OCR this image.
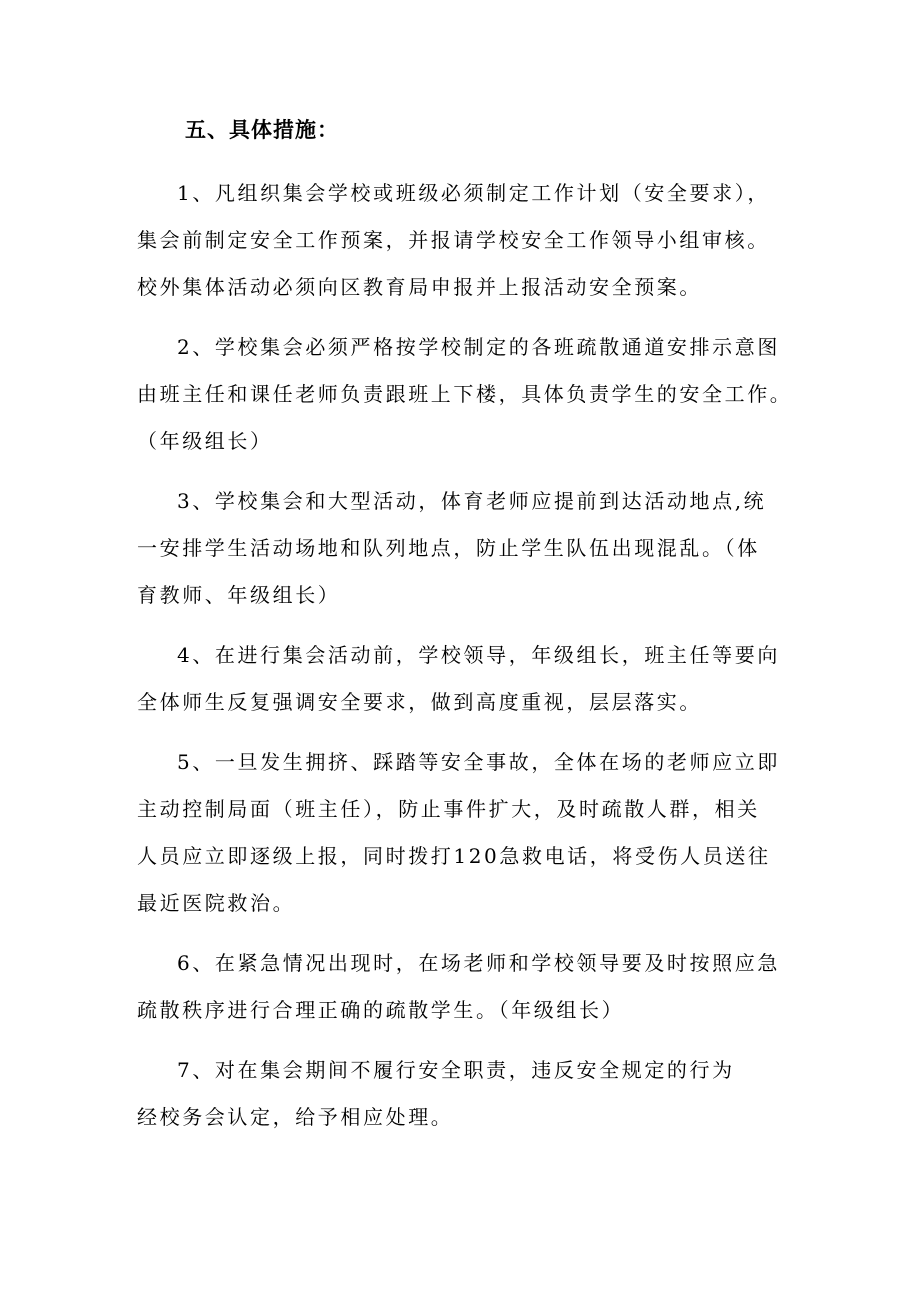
五、具体措施：
1、凡组织集会学校或班级必须制定工作计划（安全要求），
集会前制定安全工作预案，并报请学校安全工作领导小组审核。
校外集体活动必须向区教育局申报并上报活动安全预案。
2、学校集会必须严格按学校制定的各班疏散通道安排示意图
由班主任和课任老师负责跟班上下楼，具体负责学生的安全工作。
（年级组长）
3、学校集会和大型活动，体育老师应提前到达活动地点,统
一安排学生活动场地和队列地点，防止学生队伍出现混乱。（体
育教师、年级组长）
4、在进行集会活动前，学校领导，年级组长，班主任等要向
全体师生反复强调安全要求，做到高度重视，层层落实。
5、一旦发生拥挤、踩踏等安全事故，全体在场的老师应立即
主动控制局面（班主任），防止事件扩大，及时疏散人群，相关
人员应立即逐级上报，同时拨打120急救电话，将受伤人员送往
最近医院救治。
6、在紧急情况出现时，在场老师和学校领导要及时按照应急
疏散秩序进行合理正确的疏散学生。（年级组长）
7、对在集会期间不履行安全职责，违反安全规定的行为
经校务会认定，给予相应处理。
